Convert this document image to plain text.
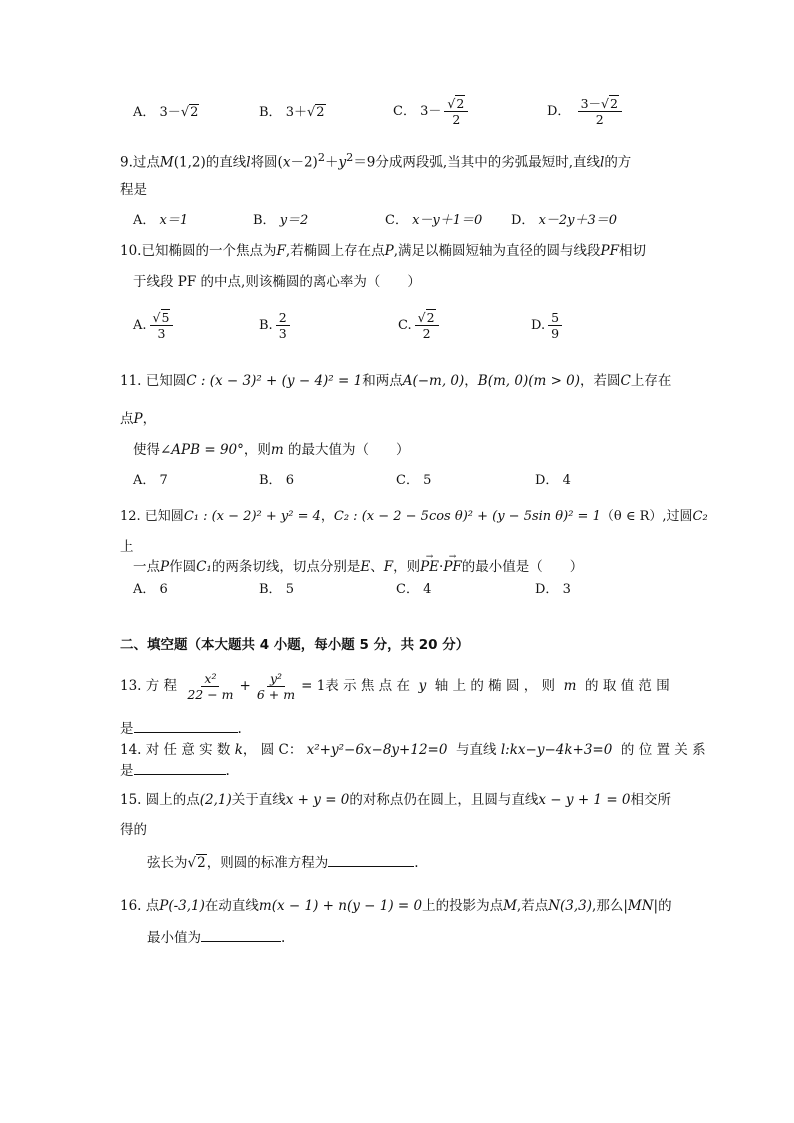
A． 3－√2	B． 3＋√2	C． $3- \frac{√2}{2}$	D． $\frac{3-√2}{2}$
9.过点M(1,2)的直线l将圆$(x-2)^2+y^2=9$分成两段弧,当其中的劣弧最短时,直线l的方
程是
A． x＝1	B． y＝2	C． x－y＋1＝0 D． x－2y＋3＝0
10.已知椭圆的一个焦点为F,若椭圆上存在点P,满足以椭圆短轴为直径的圆与线段PF相切
于线段 PF 的中点,则该椭圆的离心率为（　　）
A. $\frac{√5}{3}$	B. $\frac{2}{3}$	C. $\frac{√2}{2}$	D. $\frac{5}{9}$
11. 已知圆C : (x − 3)² + (y − 4)² = 1和两点A(−m, 0)，B(m, 0)(m > 0)，若圆C上存在
点P，
使得∠APB = 90°，则m 的最大值为（　　）
A． 7	B． 6	C． 5	D． 4
12. 已知圆C₁ : (x − 2)² + y² = 4，C₂ : (x − 2 − 5cos θ)² + (y − 5sin θ)² = 1（θ ∈ R）,过圆C₂
上
一点P作圆C₁的两条切线，切点分别是E、F，则→ PE·→ PF的最小值是（　　）
A． 6	B． 5	C． 4	D． 3
二、填空题（本大题共 4 小题，每小题 5 分，共 20 分）
13. 方 程 $\frac{\text{x²}}{22 - m} + \frac{\text{y²}}{6 + m} = 1$表 示 焦 点 在 y 轴 上 的 椭 圆 ， 则 m 的 取 值 范 围
是	.
14. 对 任 意 实 数 k， 圆 C： x²+y²−6x−8y+12=0 与直线 l:kx−y−4k+3=0 的 位 置 关 系
是	.
15. 圆上的点(2,1)关于直线x + y = 0的对称点仍在圆上，且圆与直线x − y + 1 = 0相交所
得的
弦长为√2，则圆的标准方程为	.
16. 点P(-3,1)在动直线m(x − 1) + n(y − 1) = 0上的投影为点M,若点N(3,3),那么|MN|的
最小值为	.
